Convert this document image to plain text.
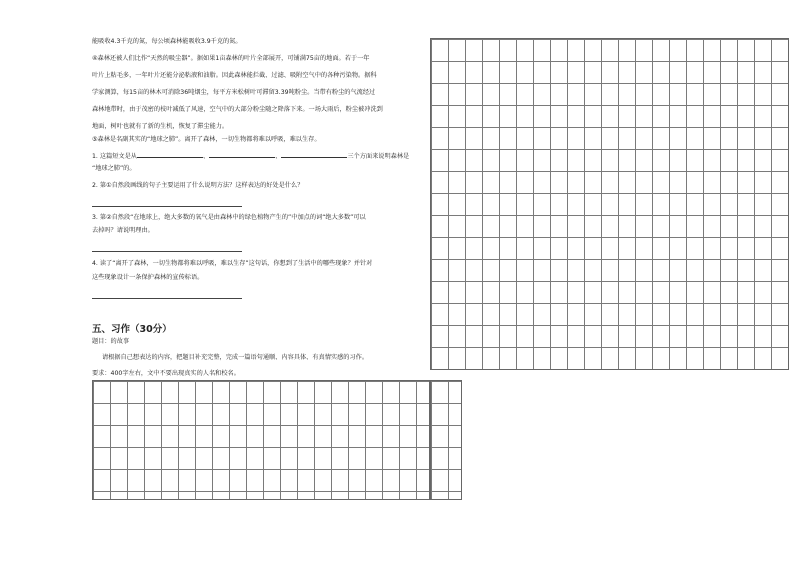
能吸收4.3千克的氮，每公顷森林能吸收3.9千克的氮。
④森林还被人们比作“天然的吸尘器”。据如果1亩森林的叶片全部展开，可铺满75亩的地面。若于一年
叶片上粘毛多，一年叶片还能分泌粘液和油脂。因此森林能拦截、过滤、吸附空气中的各种污染物。据科
学家测算，每15亩的林木可消除36吨烟尘，每平方米松树叶可滞留3.39吨粉尘。当带有粉尘的气流经过
森林地带时，由于茂密的枝叶减低了风速，空气中的大部分粉尘随之降落下来。一场大雨后，粉尘被冲洗到
地面，树叶也就有了新的生机，恢复了滞尘能力。
⑤森林是名副其实的“地球之肺”。离开了森林，一切生物都将难以呼吸，难以生存。
1. 这篇短文是从	、	、	三个方面来说明森林是
“地球之肺”的。
2. 第①自然段画线的句子主要运用了什么说明方法？这样表达的好处是什么？
3. 第②自然段“在地球上，绝大多数的氧气是由森林中的绿色植物产生的”中加点的词“绝大多数”可以
去掉吗？请说明理由。
4. 读了“离开了森林，一切生物都将难以呼吸，难以生存”这句话，你想到了生活中的哪些现象？并针对
这些现象设计一条保护森林的宣传标语。
五、习作（30分）
题目：的故事
请根据自己想表达的内容，把题目补充完整，完成一篇语句通顺、内容具体、有真情实感的习作。
要求：400字左右，文中不要出现真实的人名和校名。
